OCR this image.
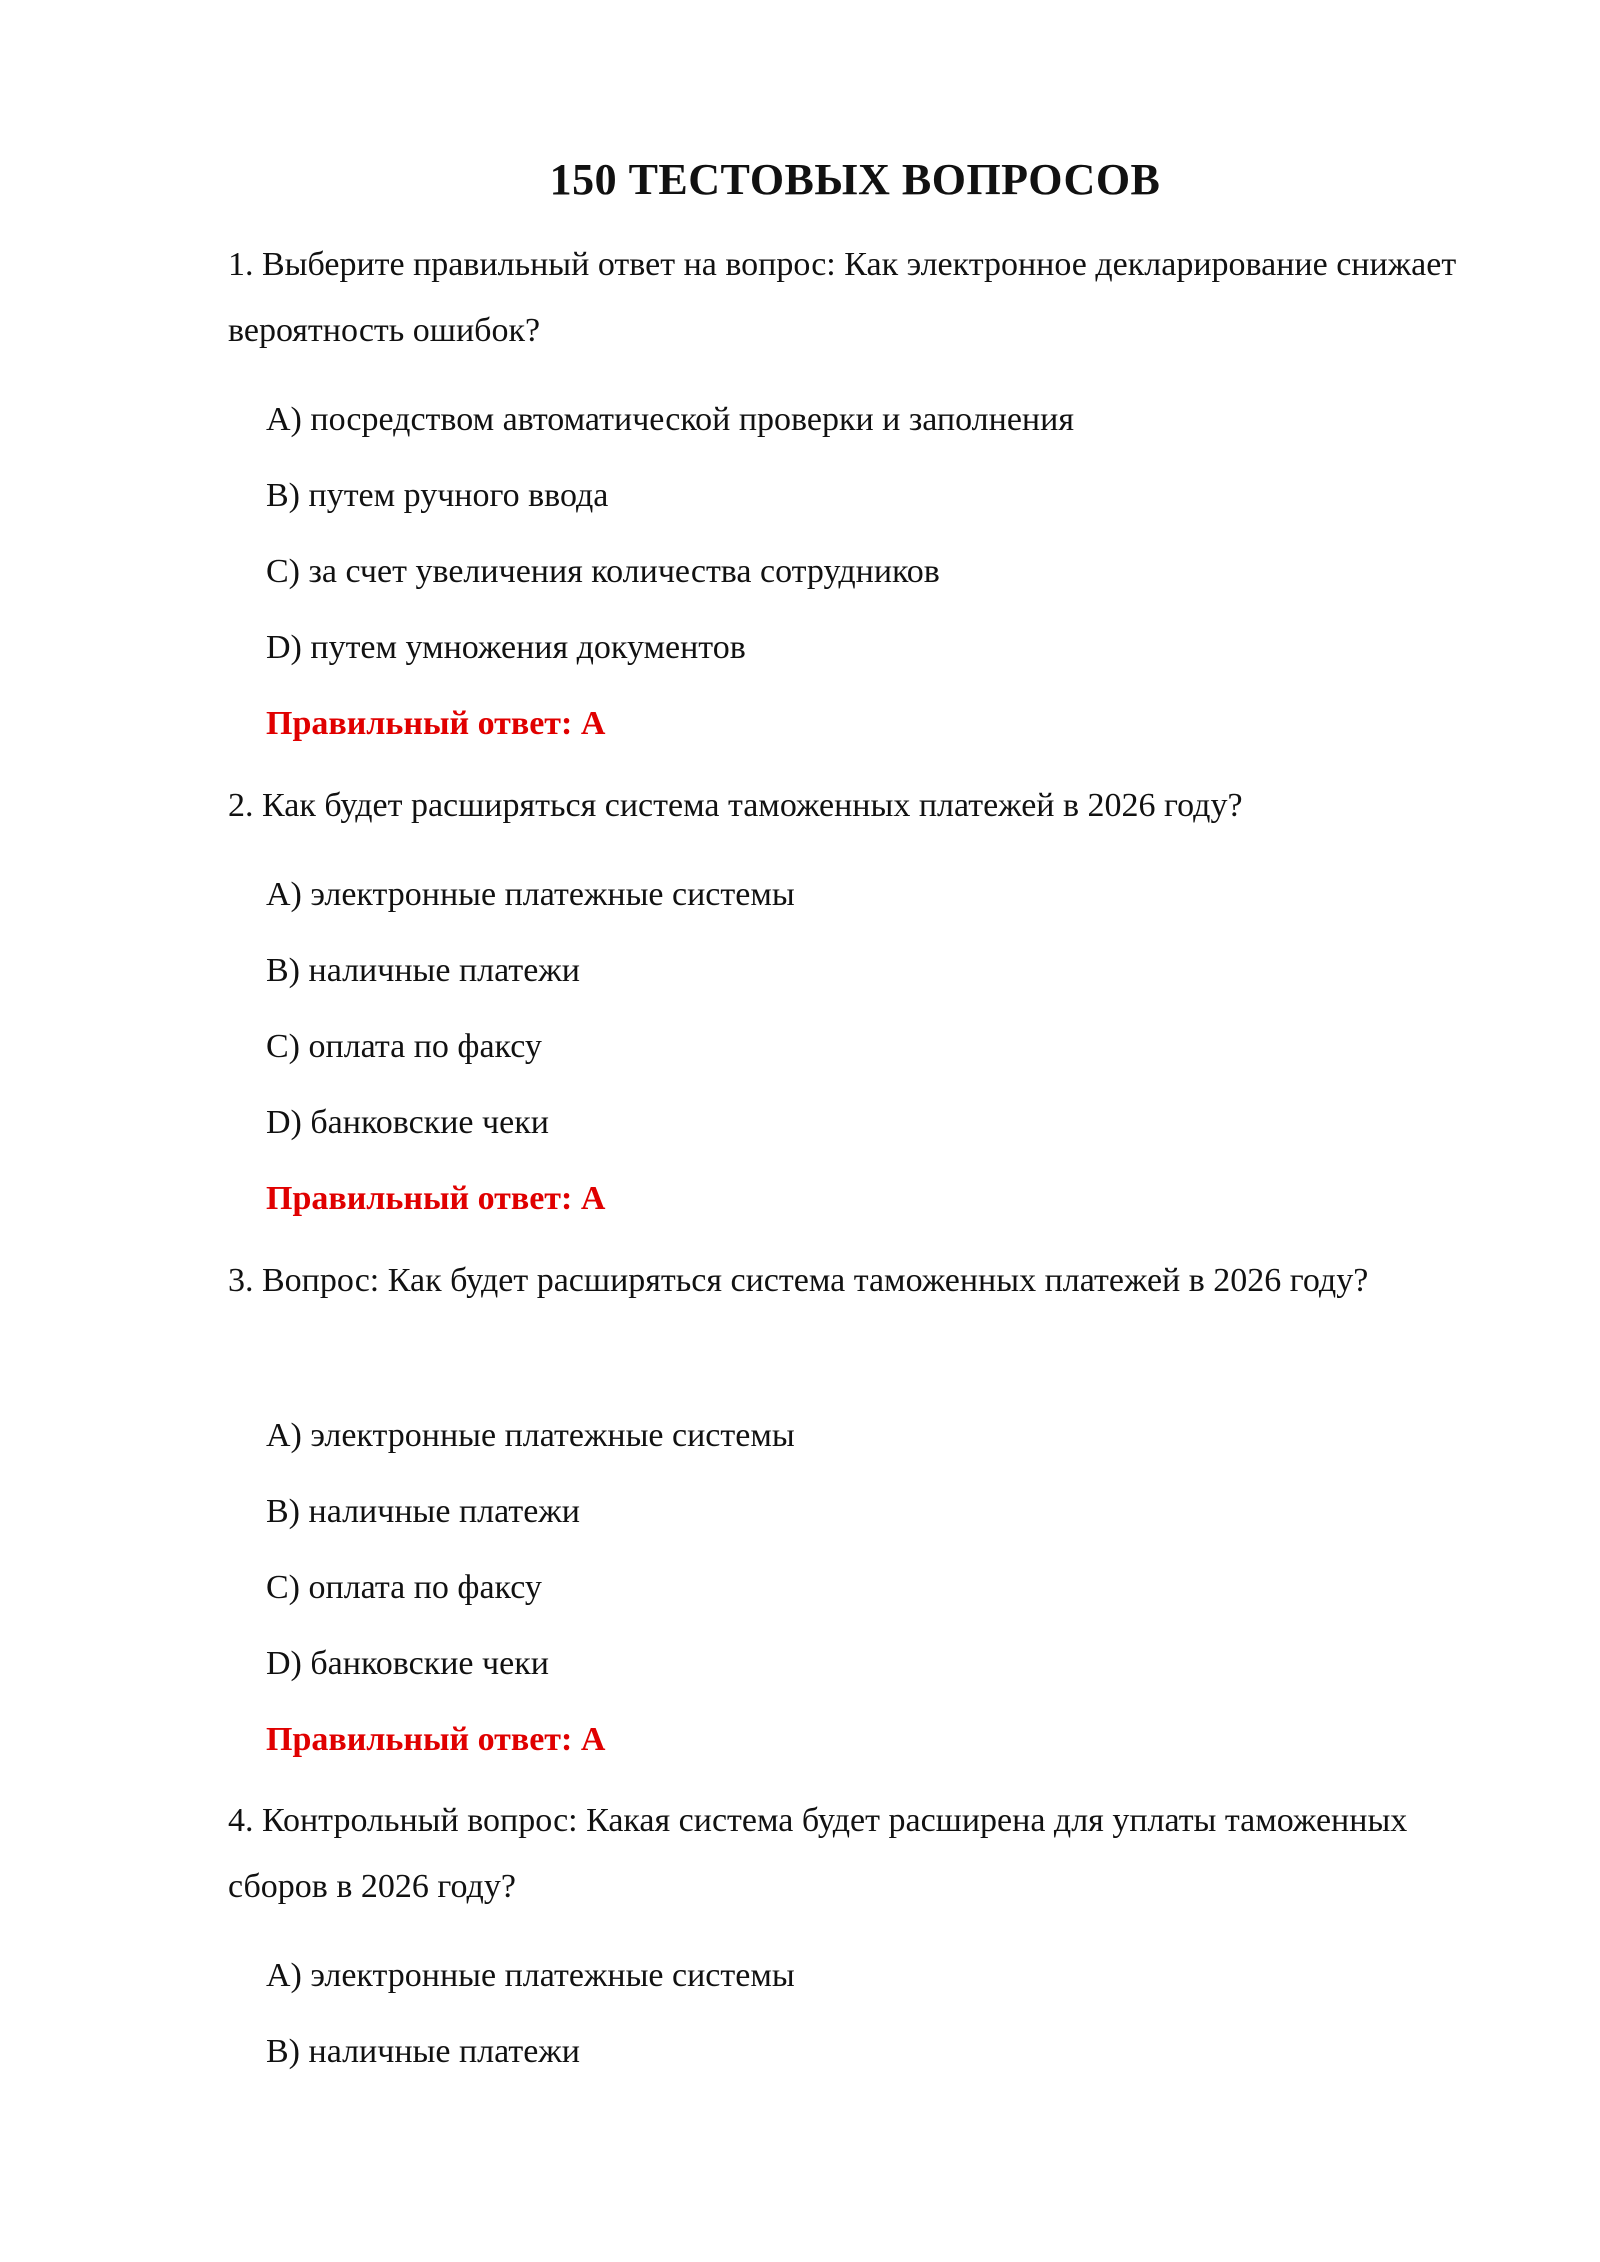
150 ТЕСТОВЫХ ВОПРОСОВ
1. Выберите правильный ответ на вопрос: Как электронное декларирование снижает вероятность ошибок?
A) посредством автоматической проверки и заполнения
B) путем ручного ввода
C) за счет увеличения количества сотрудников
D) путем умножения документов
Правильный ответ: A
2. Как будет расширяться система таможенных платежей в 2026 году?
A) электронные платежные системы
B) наличные платежи
C) оплата по факсу
D) банковские чеки
Правильный ответ: A
3. Вопрос: Как будет расширяться система таможенных платежей в 2026 году?
A) электронные платежные системы
B) наличные платежи
C) оплата по факсу
D) банковские чеки
Правильный ответ: A
4. Контрольный вопрос: Какая система будет расширена для уплаты таможенных сборов в 2026 году?
A) электронные платежные системы
B) наличные платежи
